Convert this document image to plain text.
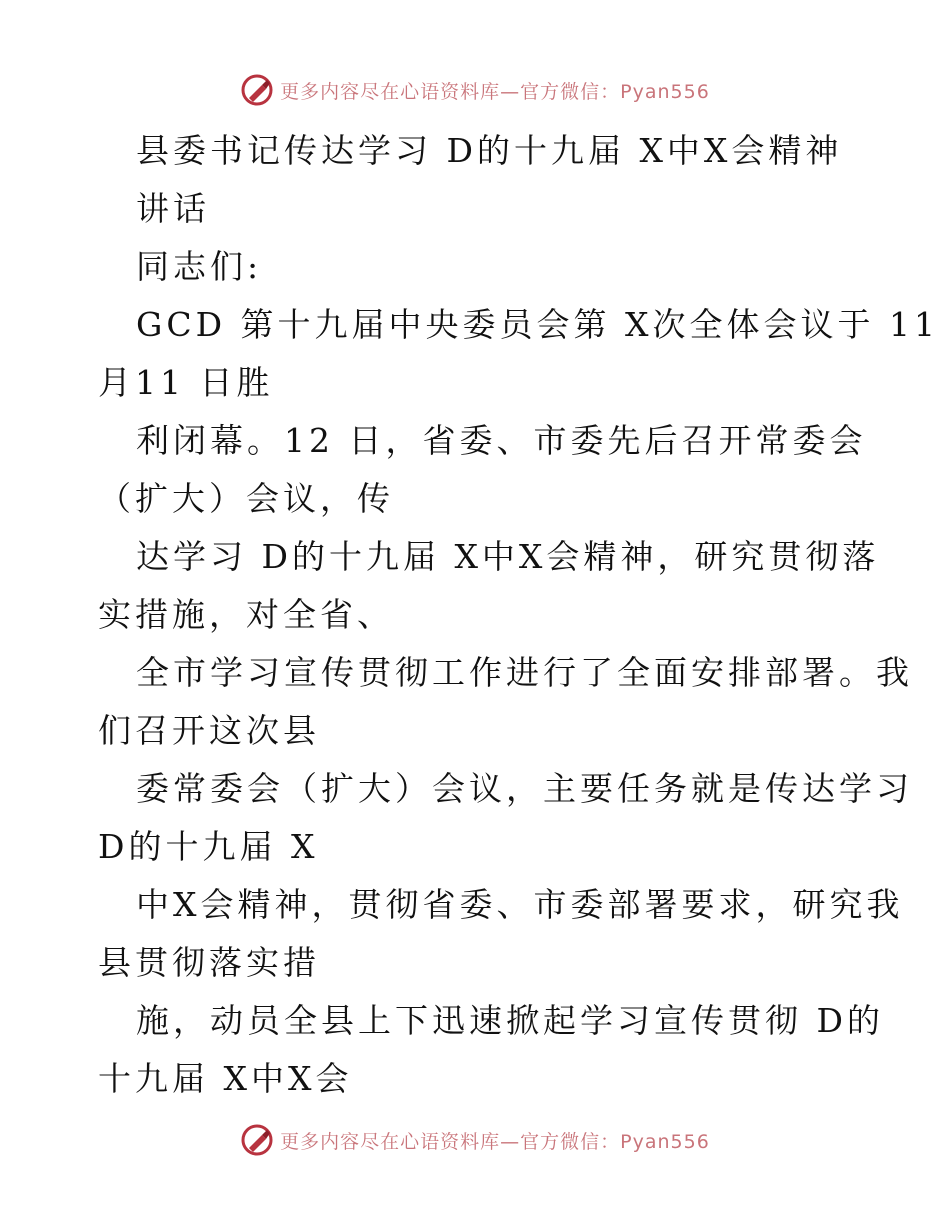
更多内容尽在心语资料库—官方微信：Pyan556
县委书记传达学习 D的十九届 X中X会精神
讲话
同志们:
GCD 第十九届中央委员会第 X次全体会议于 11
月11 日胜
利闭幕。12 日，省委、市委先后召开常委会
（扩大）会议，传
达学习 D的十九届 X中X会精神，研究贯彻落
实措施，对全省、
全市学习宣传贯彻工作进行了全面安排部署。我
们召开这次县
委常委会（扩大）会议，主要任务就是传达学习
D的十九届 X
中X会精神，贯彻省委、市委部署要求，研究我
县贯彻落实措
施，动员全县上下迅速掀起学习宣传贯彻 D的
十九届 X中X会
更多内容尽在心语资料库—官方微信：Pyan556
